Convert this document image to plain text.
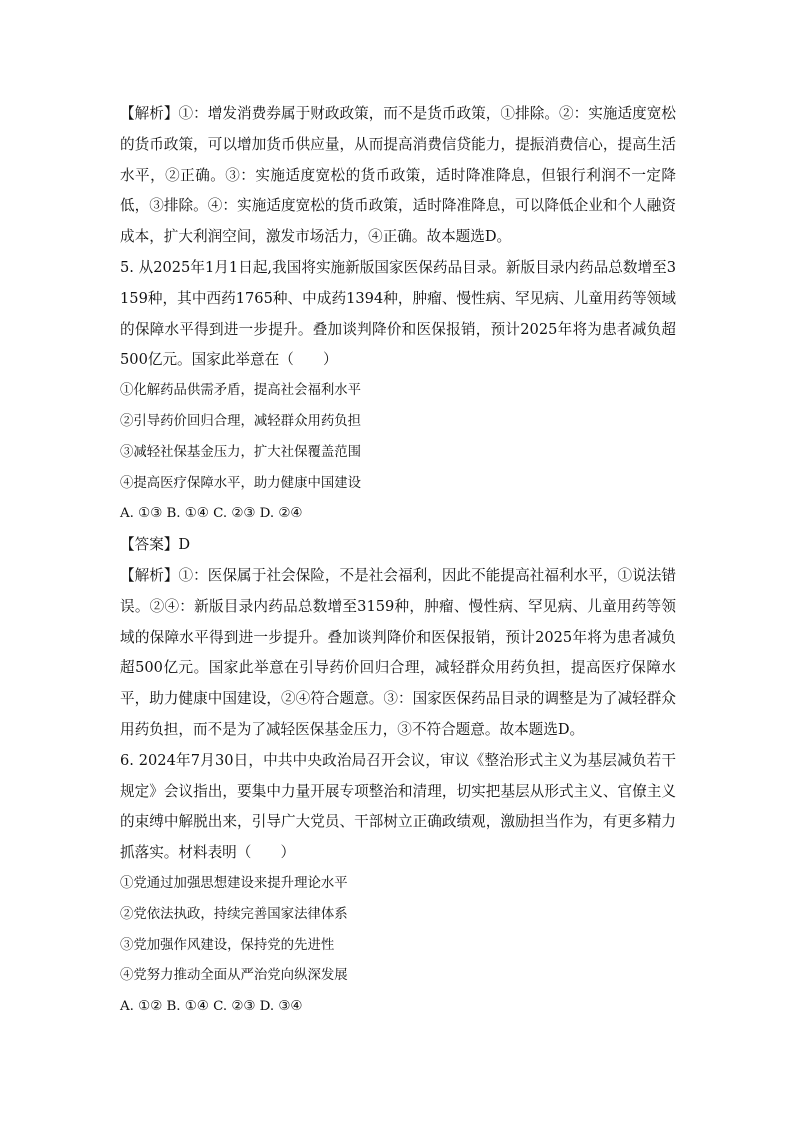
【解析】①：增发消费券属于财政政策，而不是货币政策，①排除。②：实施适度宽松的货币政策，可以增加货币供应量，从而提高消费信贷能力，提振消费信心，提高生活水平，②正确。③：实施适度宽松的货币政策，适时降准降息，但银行利润不一定降低，③排除。④：实施适度宽松的货币政策，适时降准降息，可以降低企业和个人融资成本，扩大利润空间，激发市场活力，④正确。故本题选D。

5. 从2025年1月1日起,我国将实施新版国家医保药品目录。新版目录内药品总数增至3159种，其中西药1765种、中成药1394种，肿瘤、慢性病、罕见病、儿童用药等领域的保障水平得到进一步提升。叠加谈判降价和医保报销，预计2025年将为患者减负超500亿元。国家此举意在（　　）

①化解药品供需矛盾，提高社会福利水平

②引导药价回归合理，减轻群众用药负担

③减轻社保基金压力，扩大社保覆盖范围

④提高医疗保障水平，助力健康中国建设

A. ①③ B. ①④ C. ②③ D. ②④

【答案】D

【解析】①：医保属于社会保险，不是社会福利，因此不能提高社福利水平，①说法错误。②④：新版目录内药品总数增至3159种，肿瘤、慢性病、罕见病、儿童用药等领域的保障水平得到进一步提升。叠加谈判降价和医保报销，预计2025年将为患者减负超500亿元。国家此举意在引导药价回归合理，减轻群众用药负担，提高医疗保障水平，助力健康中国建设，②④符合题意。③：国家医保药品目录的调整是为了减轻群众用药负担，而不是为了减轻医保基金压力，③不符合题意。故本题选D。

6. 2024年7月30日，中共中央政治局召开会议，审议《整治形式主义为基层减负若干规定》会议指出，要集中力量开展专项整治和清理，切实把基层从形式主义、官僚主义的束缚中解脱出来，引导广大党员、干部树立正确政绩观，激励担当作为，有更多精力抓落实。材料表明（　　）

①党通过加强思想建设来提升理论水平

②党依法执政，持续完善国家法律体系

③党加强作风建设，保持党的先进性

④党努力推动全面从严治党向纵深发展

A. ①② B. ①④ C. ②③ D. ③④
